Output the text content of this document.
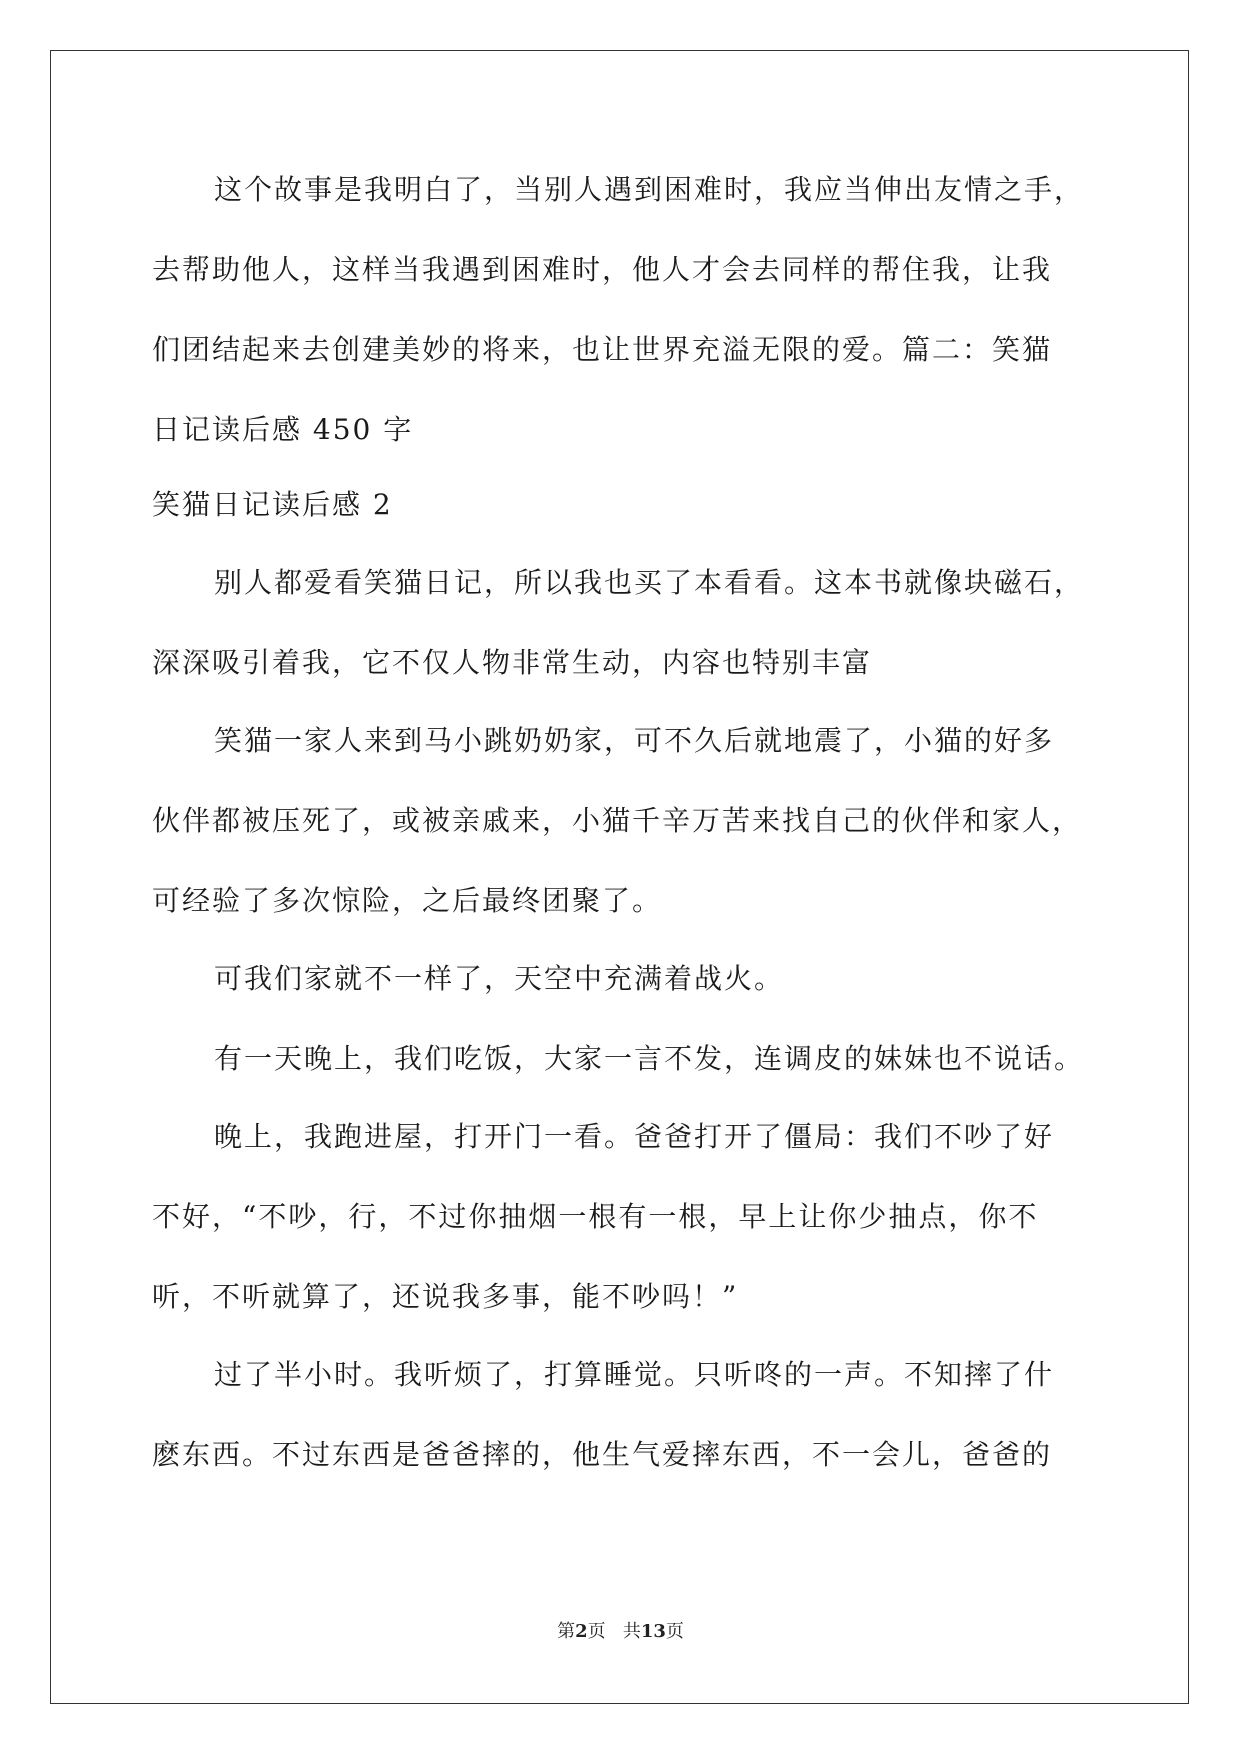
这个故事是我明白了，当别人遇到困难时，我应当伸出友情之手，
去帮助他人，这样当我遇到困难时，他人才会去同样的帮住我，让我
们团结起来去创建美妙的将来，也让世界充溢无限的爱。篇二：笑猫
日记读后感 450 字
笑猫日记读后感 2
别人都爱看笑猫日记，所以我也买了本看看。这本书就像块磁石，
深深吸引着我，它不仅人物非常生动，内容也特别丰富
笑猫一家人来到马小跳奶奶家，可不久后就地震了，小猫的好多
伙伴都被压死了，或被亲戚来，小猫千辛万苦来找自己的伙伴和家人，
可经验了多次惊险，之后最终团聚了。
可我们家就不一样了，天空中充满着战火。
有一天晚上，我们吃饭，大家一言不发，连调皮的妹妹也不说话。
晚上，我跑进屋，打开门一看。爸爸打开了僵局：我们不吵了好
不好，“不吵，行，不过你抽烟一根有一根，早上让你少抽点，你不
听，不听就算了，还说我多事，能不吵吗！”
过了半小时。我听烦了，打算睡觉。只听咚的一声。不知摔了什
麽东西。不过东西是爸爸摔的，他生气爱摔东西，不一会儿，爸爸的
第2页 共13页
